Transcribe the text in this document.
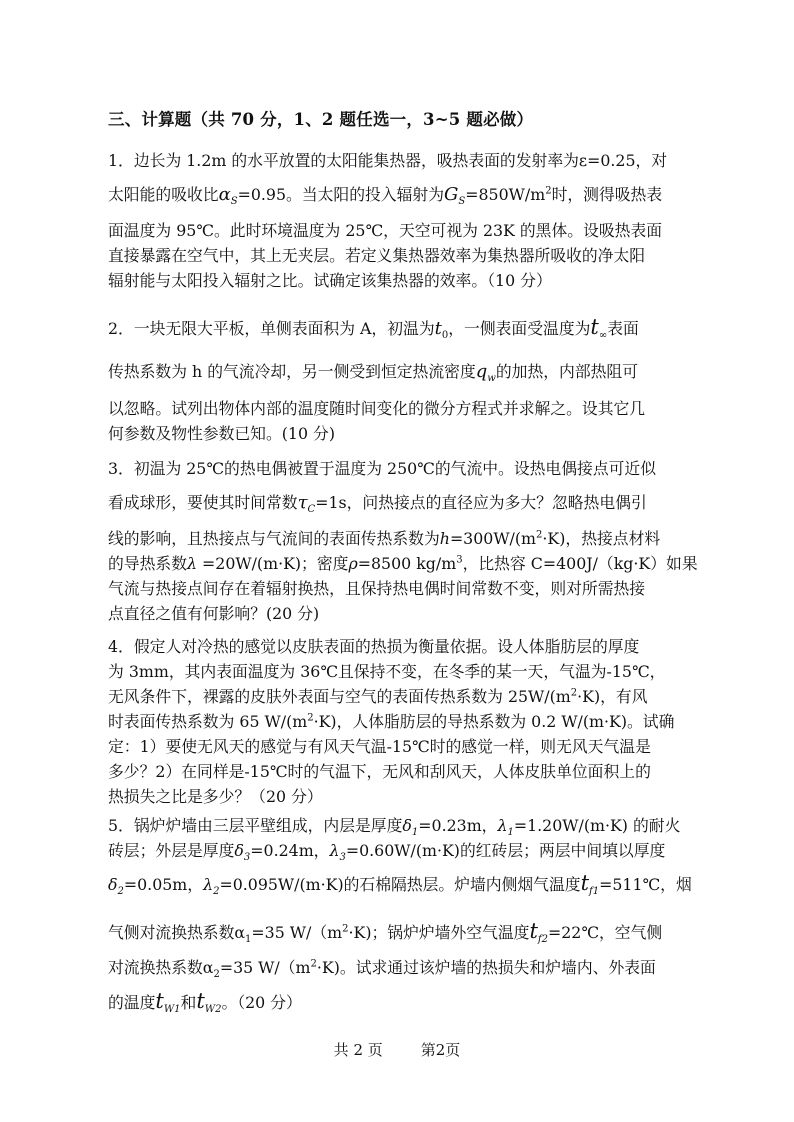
三、计算题（共 70 分，1、2 题任选一，3~5 题必做）
1．边长为 1.2m 的水平放置的太阳能集热器，吸热表面的发射率为ε=0.25，对
太阳能的吸收比$\alpha_S=0.95$。当太阳的投入辐射为$G_S=850W/m^2$时，测得吸热表
面温度为 95℃。此时环境温度为 25℃，天空可视为 23K 的黑体。设吸热表面
直接暴露在空气中，其上无夹层。若定义集热器效率为集热器所吸收的净太阳
辐射能与太阳投入辐射之比。试确定该集热器的效率。（10 分）
2．一块无限大平板，单侧表面积为 A，初温为$t_0$，一侧表面受温度为$t_\infty$表面
传热系数为 h 的气流冷却，另一侧受到恒定热流密度$q_w$的加热，内部热阻可
以忽略。试列出物体内部的温度随时间变化的微分方程式并求解之。设其它几
何参数及物性参数已知。(10 分)
3．初温为 25℃的热电偶被置于温度为 250℃的气流中。设热电偶接点可近似
看成球形，要使其时间常数$\tau_C=1s$，问热接点的直径应为多大？忽略热电偶引
线的影响，且热接点与气流间的表面传热系数为$h=300W/(m^2\cdot K)$，热接点材料
的导热系数λ =20W/(m·K)；密度ρ=8500 $kg/m^3$，比热容 C=400J/（kg·K）如果
气流与热接点间存在着辐射换热，且保持热电偶时间常数不变，则对所需热接
点直径之值有何影响？(20 分)
4．假定人对冷热的感觉以皮肤表面的热损为衡量依据。设人体脂肪层的厚度
为 3mm，其内表面温度为 36℃且保持不变，在冬季的某一天，气温为-15℃，
无风条件下，裸露的皮肤外表面与空气的表面传热系数为 $25W/(m^2\cdot K)$，有风
时表面传热系数为 65 $W/(m^2\cdot K)$，人体脂肪层的导热系数为 0.2 W/(m·K)。试确
定：1）要使无风天的感觉与有风天气温-15℃时的感觉一样，则无风天气温是
多少？2）在同样是-15℃时的气温下，无风和刮风天，人体皮肤单位面积上的
热损失之比是多少？（20 分）
5．锅炉炉墙由三层平壁组成，内层是厚度$\delta_1=0.23m$，$\lambda_1=1.20W/(m\cdot K)$ 的耐火
砖层；外层是厚度$\delta_3=0.24m$，$\lambda_3=0.60W/(m\cdot K)$的红砖层；两层中间填以厚度
$\delta_2=0.05m$，$\lambda_2=0.095W/(m\cdot K)$的石棉隔热层。炉墙内侧烟气温度$t_{f1}=511℃$，烟
气侧对流换热系数$\alpha_1=35$ $W/(m^2\cdot K)$；锅炉炉墙外空气温度$t_{f2}=22℃$，空气侧
对流换热系数$\alpha_2=35$ $W/(m^2\cdot K)$。试求通过该炉墙的热损失和炉墙内、外表面
的温度$t_{W1}$和$t_{W2}$。（20 分）
共 2 页	第2页
